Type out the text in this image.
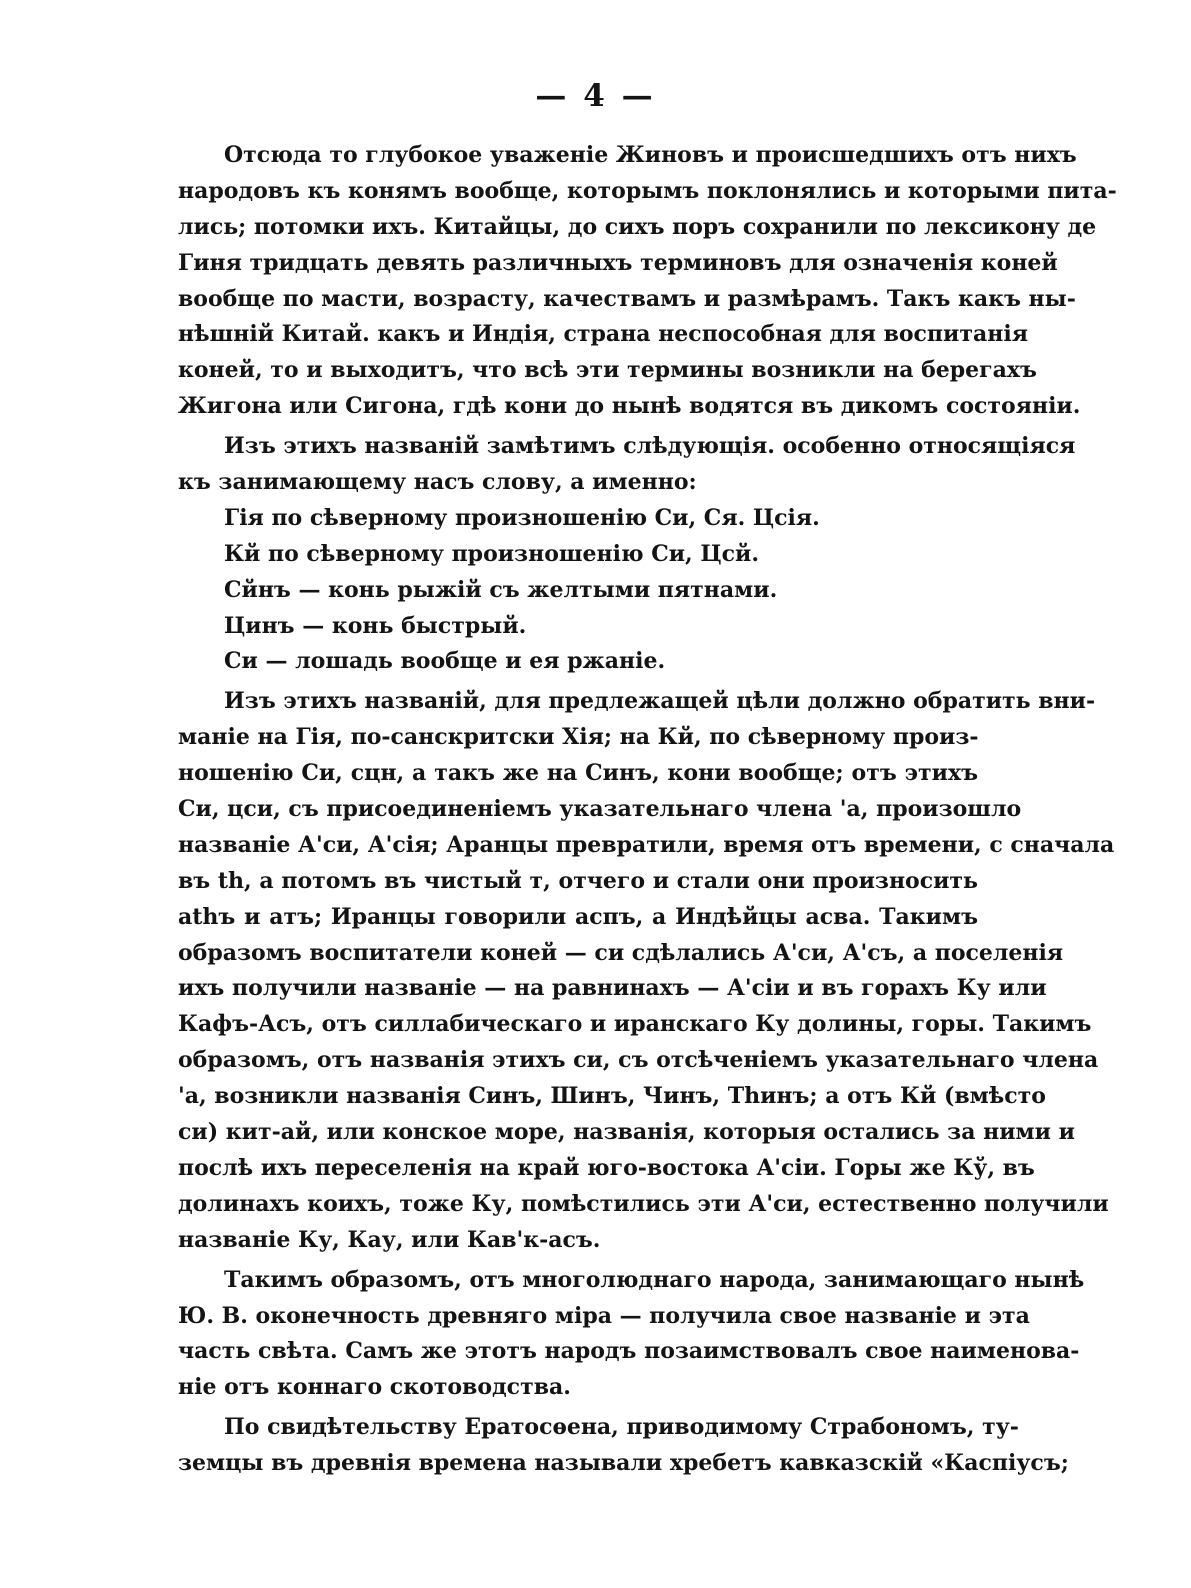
— 4 —
Отсюда то глубокое уваженіе Жиновъ и происшедшихъ отъ нихъ
народовъ къ конямъ вообще, которымъ поклонялись и которыми пита-
лись; потомки ихъ. Китайцы, до сихъ поръ сохранили по лексикону де
Гиня тридцать девять различныхъ терминовъ для означенія коней
вообще по масти, возрасту, качествамъ и размѣрамъ. Такъ какъ ны-
нѣшній Китай. какъ и Индія, страна неспособная для воспитанія
коней, то и выходитъ, что всѣ эти термины возникли на берегахъ
Жигона или Сигона, гдѣ кони до нынѣ водятся въ дикомъ состояніи.
Изъ этихъ названій замѣтимъ слѣдующія. особенно относящіяся
къ занимающему насъ слову, а именно:
Гія по сѣверному произношенію Си, Ся. Цсія.
Кй по сѣверному произношенію Си, Цсй.
Сйнъ — конь рыжій съ желтыми пятнами.
Цинъ — конь быстрый.
Си — лошадь вообще и ея ржаніе.
Изъ этихъ названій, для предлежащей цѣли должно обратить вни-
маніе на Гія, по-санскритски Хія; на Кй, по сѣверному произ-
ношенію Си, сцн, а такъ же на Синъ, кони вообще; отъ этихъ
Си, цси, съ присоединеніемъ указательнаго члена 'а, произошло
названіе А'си, А'сія; Аранцы превратили, время отъ времени, с сначала
въ th, а потомъ въ чистый т, отчего и стали они произносить
athъ и атъ; Иранцы говорили аспъ, а Индѣйцы асва. Такимъ
образомъ воспитатели коней — си сдѣлались А'си, А'съ, а поселенія
ихъ получили названіе — на равнинахъ — А'сіи и въ горахъ Ку или
Кафъ-Асъ, отъ силлабическаго и иранскаго Ку долины, горы. Такимъ
образомъ, отъ названія этихъ си, съ отсѣченіемъ указательнаго члена
'а, возникли названія Синъ, Шинъ, Чинъ, Тhинъ; а отъ Кй (вмѣсто
си) кит-ай, или конское море, названія, которыя остались за ними и
послѣ ихъ переселенія на край юго-востока А'сіи. Горы же Кў, въ
долинахъ коихъ, тоже Ку, помѣстились эти А'си, естественно получили
названіе Ку, Кау, или Кав'к-асъ.
Такимъ образомъ, отъ многолюднаго народа, занимающаго нынѣ
Ю. В. оконечность древняго міра — получила свое названіе и эта
часть свѣта. Самъ же этотъ народъ позаимствовалъ свое наименова-
ніе отъ коннаго скотоводства.
По свидѣтельству Ератосѳена, приводимому Страбономъ, ту-
земцы въ древнія времена называли хребетъ кавказскій «Каспіусъ;
